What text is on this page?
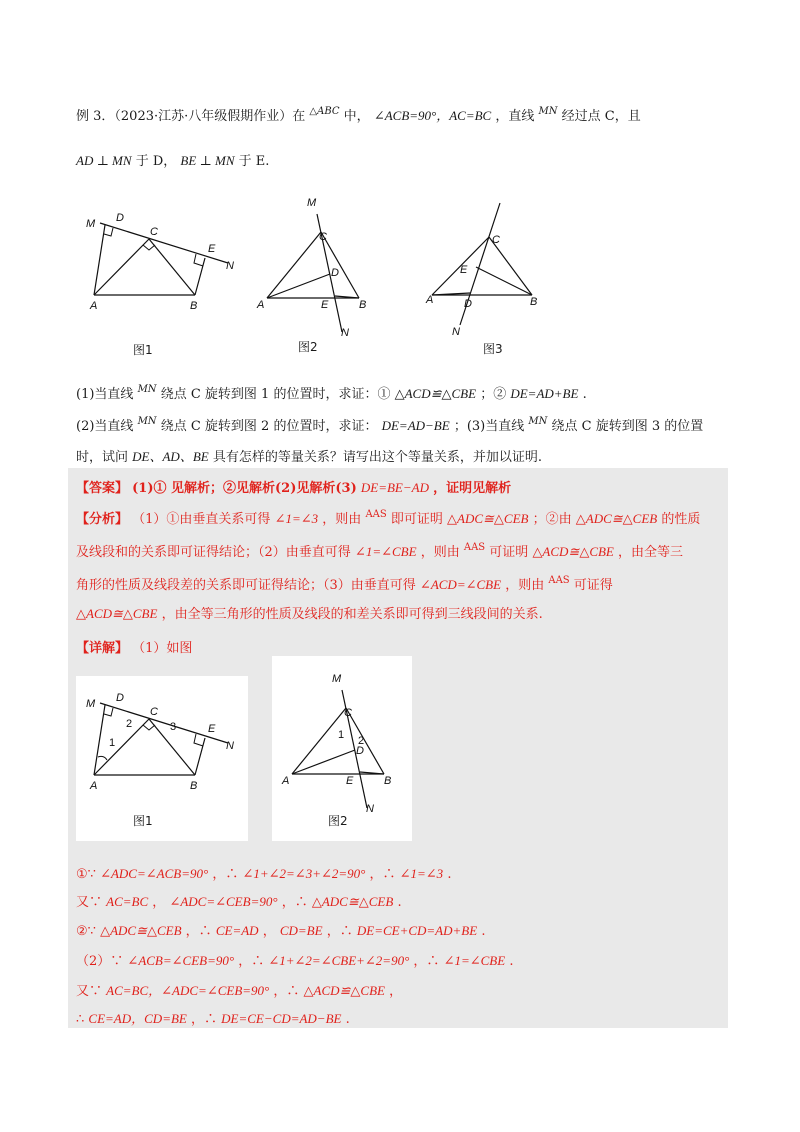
例 3．（2023·江苏·八年级假期作业）在 $^{\triangle ABC}$ 中， ∠ACB=90°，AC=BC ，直线 $^{MN}$ 经过点 C，且
AD ⊥ MN 于 D， BE ⊥ MN 于 E.
M D
C
E
N
A	B
图1
M
C
D
E	B
A
N
图2
C
E
D
A	B
N
图3
(1)当直线 $^{MN}$ 绕点 C 旋转到图 1 的位置时，求证：① △ACD≌△CBE ；② DE=AD+BE .
(2)当直线 $^{MN}$ 绕点 C 旋转到图 2 的位置时，求证： DE=AD−BE ；(3)当直线 $^{MN}$ 绕点 C 旋转到图 3 的位置
时，试问 DE、AD、BE 具有怎样的等量关系？请写出这个等量关系，并加以证明.
【答案】 (1)① 见解析；②见解析(2)见解析(3) DE=BE−AD ，证明见解析
【分析】 （1）①由垂直关系可得 ∠1=∠3 ，则由 $^{AAS}$ 即可证明 △ADC≅△CEB ；②由 △ADC≅△CEB 的性质
及线段和的关系即可证得结论；（2）由垂直可得 ∠1=∠CBE ，则由 $^{AAS}$ 可证明 △ACD≅△CBE ，由全等三
角形的性质及线段差的关系即可证得结论；（3）由垂直可得 ∠ACD=∠CBE ，则由 $^{AAS}$ 可证得
△ACD≅△CBE ，由全等三角形的性质及线段的和差关系即可得到三线段间的关系.
【详解】 （1）如图
M D
C
E
N
A	B
1
2	3
图1
M
C
D
E	B
A
N
1 2
图2
①∵ ∠ADC=∠ACB=90° ，∴ ∠1+∠2=∠3+∠2=90° ，∴ ∠1=∠3 .
又∵ AC=BC ， ∠ADC=∠CEB=90° ，∴ △ADC≅△CEB .
②∵ △ADC≅△CEB ，∴ CE=AD ， CD=BE ，∴ DE=CE+CD=AD+BE .
（2）∵ ∠ACB=∠CEB=90° ，∴ ∠1+∠2=∠CBE+∠2=90° ，∴ ∠1=∠CBE .
又∵ AC=BC，∠ADC=∠CEB=90° ，∴ △ACD≌△CBE ，
∴ CE=AD，CD=BE ，∴ DE=CE−CD=AD−BE .
